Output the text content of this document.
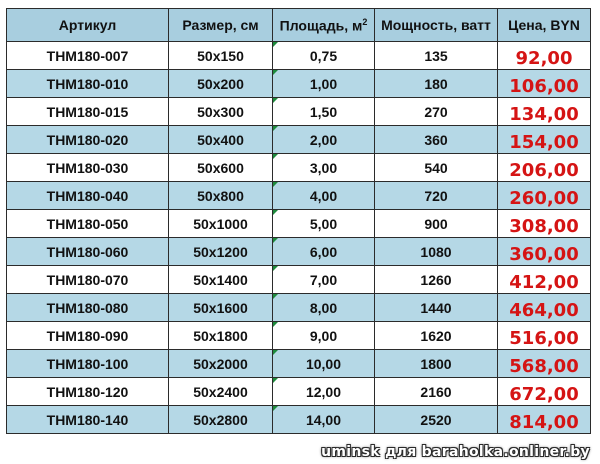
Артикул	Размер, см	Площадь, $м^2$	Мощность, ватт	Цена, BYN
THM180-007	50x150	0,75	135	92,00
THM180-010	50x200	1,00	180	106,00
THM180-015	50x300	1,50	270	134,00
THM180-020	50x400	2,00	360	154,00
THM180-030	50x600	3,00	540	206,00
THM180-040	50x800	4,00	720	260,00
THM180-050	50x1000	5,00	900	308,00
THM180-060	50x1200	6,00	1080	360,00
THM180-070	50x1400	7,00	1260	412,00
THM180-080	50x1600	8,00	1440	464,00
THM180-090	50x1800	9,00	1620	516,00
THM180-100	50x2000	10,00	1800	568,00
THM180-120	50x2400	12,00	2160	672,00
THM180-140	50x2800	14,00	2520	814,00
uminsk для baraholka.onliner.by
